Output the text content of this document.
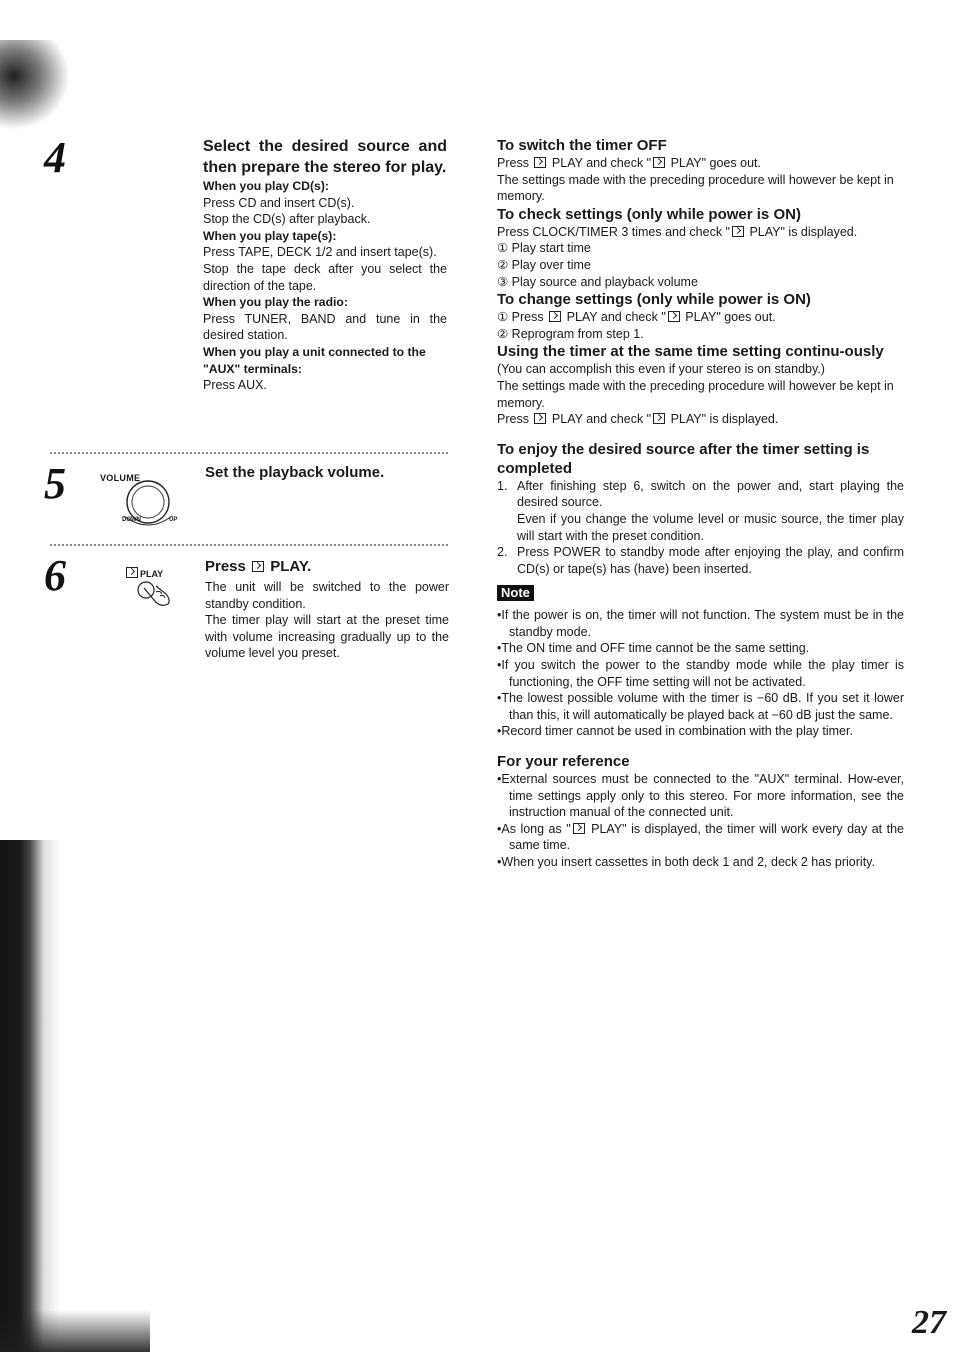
4	Select the desired source and then prepare the stereo for play.

When you play CD(s):

Press CD and insert CD(s).

Stop the CD(s) after playback.

When you play tape(s):

Press TAPE, DECK 1/2 and insert tape(s).

Stop the tape deck after you select the direction of the tape.

When you play the radio:

Press TUNER, BAND and tune in the desired station.

When you play a unit connected to the "AUX" terminals:

Press AUX.

5	VOLUME
DOWN	UP

Set the playback volume.

6	PLAY	Press PLAY.

The unit will be switched to the power standby condition.

The timer play will start at the preset time with volume increasing gradually up to the volume level you preset.

To switch the timer OFF

Press PLAY and check " PLAY" goes out.

The settings made with the preceding procedure will however be kept in memory.

To check settings (only while power is ON)

Press CLOCK/TIMER 3 times and check " PLAY" is displayed.

① Play start time

② Play over time

③ Play source and playback volume

To change settings (only while power is ON)

① Press PLAY and check " PLAY" goes out.

② Reprogram from step 1.

Using the timer at the same time setting continu-ously

(You can accomplish this even if your stereo is on standby.)

The settings made with the preceding procedure will however be kept in memory.

Press PLAY and check " PLAY" is displayed.

To enjoy the desired source after the timer setting is completed

1. After finishing step 6, switch on the power and, start playing the desired source.

Even if you change the volume level or music source, the timer play will start with the preset condition.

2. Press POWER to standby mode after enjoying the play, and confirm CD(s) or tape(s) has (have) been inserted.

Note

•If the power is on, the timer will not function. The system must be in the standby mode.

•The ON time and OFF time cannot be the same setting.

•If you switch the power to the standby mode while the play timer is functioning, the OFF time setting will not be activated.

•The lowest possible volume with the timer is −60 dB. If you set it lower than this, it will automatically be played back at −60 dB just the same.

•Record timer cannot be used in combination with the play timer.

For your reference

•External sources must be connected to the "AUX" terminal. How-ever, time settings apply only to this stereo. For more information, see the instruction manual of the connected unit.

•As long as " PLAY" is displayed, the timer will work every day at the same time.

•When you insert cassettes in both deck 1 and 2, deck 2 has priority.

27
